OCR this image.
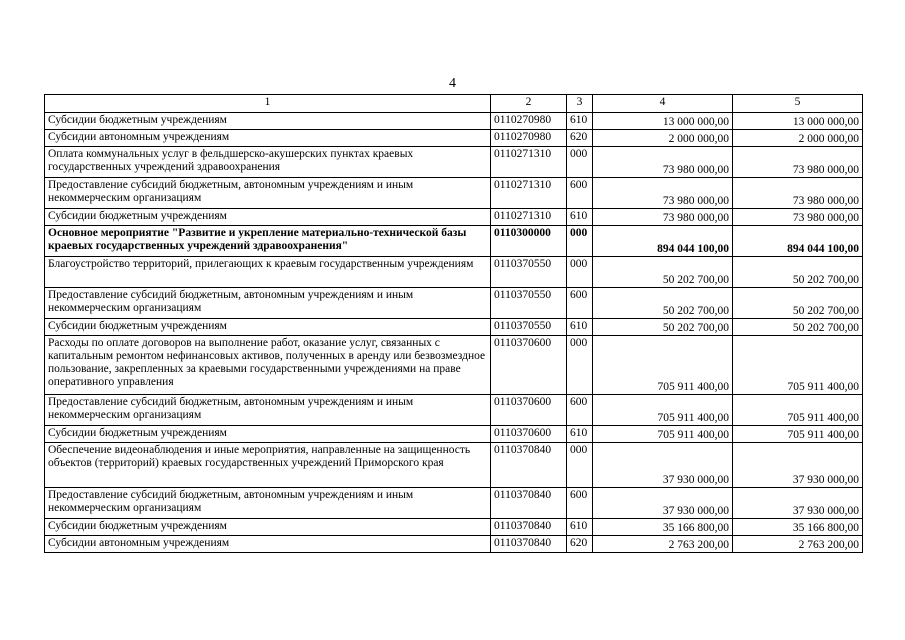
4
1	2	3	4	5
Субсидии бюджетным учреждениям	0110270980	610	13 000 000,00	13 000 000,00
Субсидии автономным учреждениям	0110270980	620	2 000 000,00	2 000 000,00
Оплата коммунальных услуг в фельдшерско-акушерских пунктах краевых государственных учреждений здравоохранения	0110271310	000	73 980 000,00	73 980 000,00
Предоставление субсидий бюджетным, автономным учреждениям и иным некоммерческим организациям	0110271310	600	73 980 000,00	73 980 000,00
Субсидии бюджетным учреждениям	0110271310	610	73 980 000,00	73 980 000,00
Основное мероприятие "Развитие и укрепление материально-технической базы краевых государственных учреждений здравоохранения"	0110300000	000	894 044 100,00	894 044 100,00
Благоустройство территорий, прилегающих к краевым государственным учреждениям	0110370550	000	50 202 700,00	50 202 700,00
Предоставление субсидий бюджетным, автономным учреждениям и иным некоммерческим организациям	0110370550	600	50 202 700,00	50 202 700,00
Субсидии бюджетным учреждениям	0110370550	610	50 202 700,00	50 202 700,00
Расходы по оплате договоров на выполнение работ, оказание услуг, связанных с капитальным ремонтом нефинансовых активов, полученных в аренду или безвозмездное пользование, закрепленных за краевыми государственными учреждениями на праве оперативного управления	0110370600	000	705 911 400,00	705 911 400,00
Предоставление субсидий бюджетным, автономным учреждениям и иным некоммерческим организациям	0110370600	600	705 911 400,00	705 911 400,00
Субсидии бюджетным учреждениям	0110370600	610	705 911 400,00	705 911 400,00
Обеспечение видеонаблюдения и иные мероприятия, направленные на защищенность объектов (территорий) краевых государственных учреждений Приморского края	0110370840	000	37 930 000,00	37 930 000,00
Предоставление субсидий бюджетным, автономным учреждениям и иным некоммерческим организациям	0110370840	600	37 930 000,00	37 930 000,00
Субсидии бюджетным учреждениям	0110370840	610	35 166 800,00	35 166 800,00
Субсидии автономным учреждениям	0110370840	620	2 763 200,00	2 763 200,00
